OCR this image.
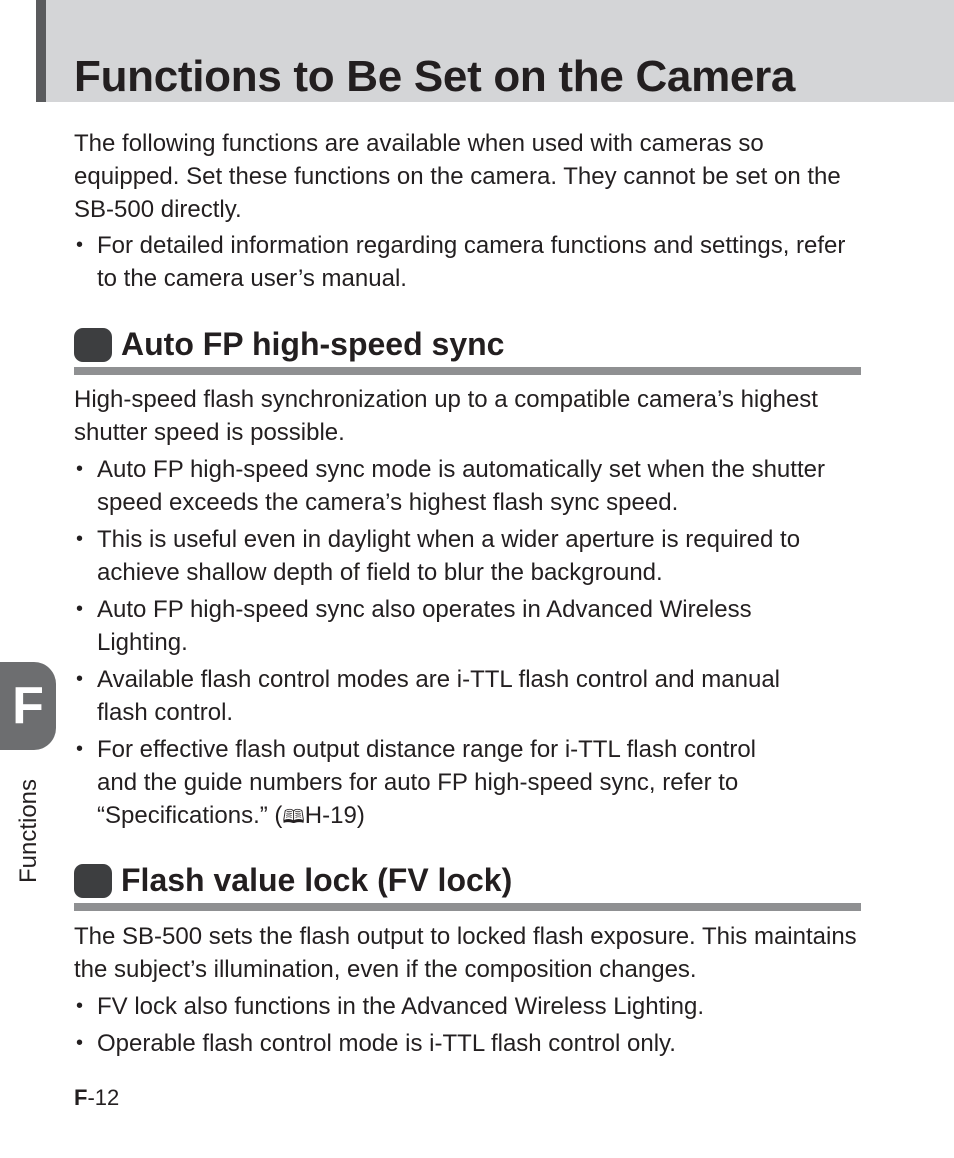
Functions to Be Set on the Camera

The following functions are available when used with cameras so equipped. Set these functions on the camera. They cannot be set on the SB-500 directly.

• For detailed information regarding camera functions and settings, refer to the camera user’s manual.

Auto FP high-speed sync

High-speed flash synchronization up to a compatible camera’s highest shutter speed is possible.

• Auto FP high-speed sync mode is automatically set when the shutter speed exceeds the camera’s highest flash sync speed.

• This is useful even in daylight when a wider aperture is required to achieve shallow depth of field to blur the background.

• Auto FP high-speed sync also operates in Advanced Wireless Lighting.

• Available flash control modes are i-TTL flash control and manual flash control.

• For effective flash output distance range for i-TTL flash control and the guide numbers for auto FP high-speed sync, refer to “Specifications.” (🕮H-19)

Flash value lock (FV lock)

The SB-500 sets the flash output to locked flash exposure. This maintains the subject’s illumination, even if the composition changes.

• FV lock also functions in the Advanced Wireless Lighting.

• Operable flash control mode is i-TTL flash control only.

F
Functions
F-12
